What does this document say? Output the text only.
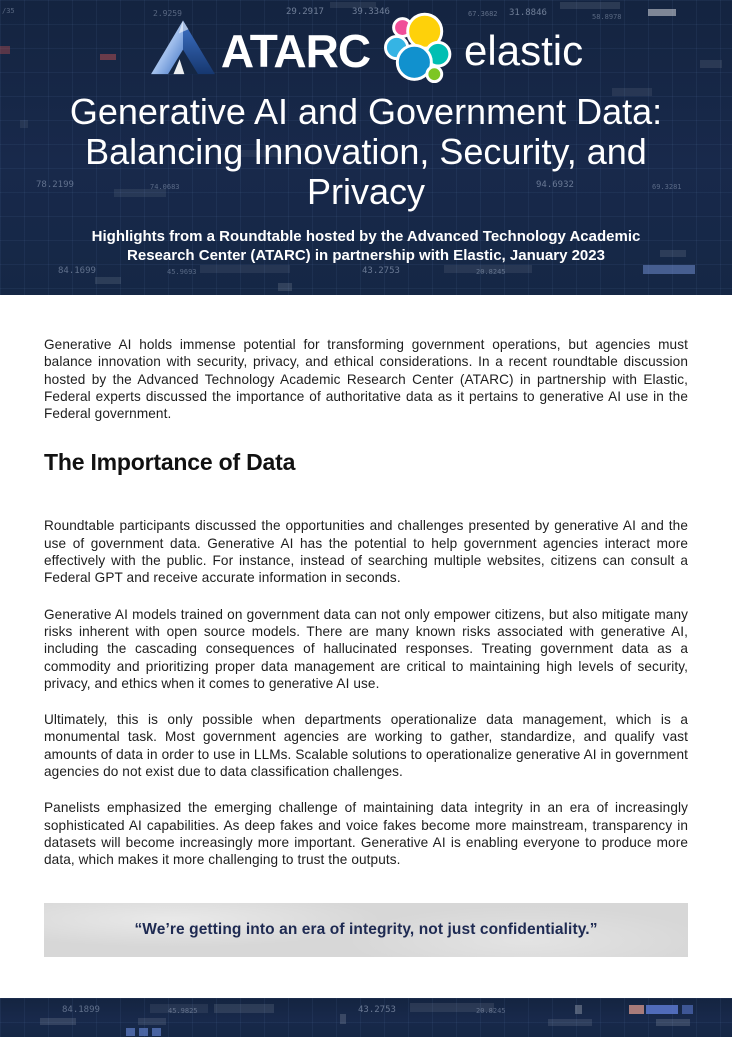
/35	2.9259	29.2917	39.3346	67.3682 31.8846	58.8978
78.2199	74.0683	94.6932	69.3281
84.1699	45.9693	43.2753	20.8245
ATARC elastic
Generative AI and Government Data:
Balancing Innovation, Security, and
Privacy
Highlights from a Roundtable hosted by the Advanced Technology Academic
Research Center (ATARC) in partnership with Elastic, January 2023

Generative AI holds immense potential for transforming government operations, but agencies must balance innovation with security, privacy, and ethical considerations. In a recent roundtable discussion hosted by the Advanced Technology Academic Research Center (ATARC) in partnership with Elastic, Federal experts discussed the importance of authoritative data as it pertains to generative AI use in the Federal government.

The Importance of Data

Roundtable participants discussed the opportunities and challenges presented by generative AI and the use of government data. Generative AI has the potential to help government agencies interact more effectively with the public. For instance, instead of searching multiple websites, citizens can consult a Federal GPT and receive accurate information in seconds.

Generative AI models trained on government data can not only empower citizens, but also mitigate many risks inherent with open source models. There are many known risks associated with generative AI, including the cascading consequences of hallucinated responses. Treating government data as a commodity and prioritizing proper data management are critical to maintaining high levels of security, privacy, and ethics when it comes to generative AI use.

Ultimately, this is only possible when departments operationalize data management, which is a monumental task. Most government agencies are working to gather, standardize, and qualify vast amounts of data in order to use in LLMs. Scalable solutions to operationalize generative AI in government agencies do not exist due to data classification challenges.

Panelists emphasized the emerging challenge of maintaining data integrity in an era of increasingly sophisticated AI capabilities. As deep fakes and voice fakes become more mainstream, transparency in datasets will become increasingly more important. Generative AI is enabling everyone to produce more data, which makes it more challenging to trust the outputs.

“We’re getting into an era of integrity, not just confidentiality.”
84.1899	45.9825	43.2753	20.8245
